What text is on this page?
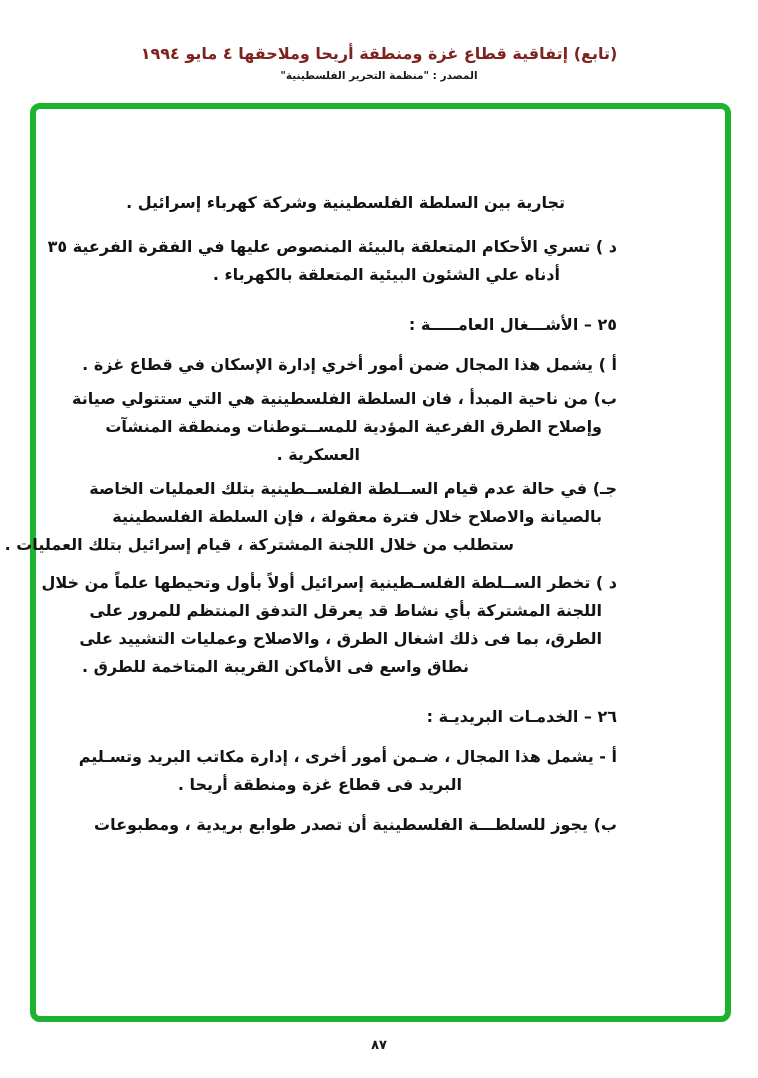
(تابع) إتفاقية قطاع غزة ومنطقة أريحا وملاحقها ٤ مايو ١٩٩٤
المصدر : "منظمة التحرير الفلسطينية"

تجارية بين السلطة الفلسطينية وشركة كهرباء إسرائيل .

د ) تسري الأحكام المتعلقة بالبيئة المنصوص عليها في الفقرة الفرعية ٣٥

أدناه علي الشئون البيئية المتعلقة بالكهرباء .

٢٥ – الأشـــغال العامـــــة :

أ ) يشمل هذا المجال ضمن أمور أخري إدارة الإسكان في قطاع غزة .

ب) من ناحية المبدأ ، فان السلطة الفلسطينية هي التي ستتولي صيانة

وإصلاح الطرق الفرعية المؤدية للمســتوطنات ومنطقة المنشآت

العسكرية .

جـ) في حالة عدم قيام الســلطة الفلســطينية بتلك العمليات الخاصة

بالصيانة والاصلاح خلال فترة معقولة ، فإن السلطة الفلسطينية

ستطلب من خلال اللجنة المشتركة ، قيام إسرائيل بتلك العمليات .

د ) تخطر الســلطة الفلسـطينية إسرائيل أولاً بأول وتحيطها علماً من خلال

اللجنة المشتركة بأي نشاط قد يعرقل التدفق المنتظم للمرور على

الطرق، بما فى ذلك اشغال الطرق ، والاصلاح وعمليات التشييد على

نطاق واسع فى الأماكن القريبة المتاخمة للطرق .

٢٦ – الخدمـات البريديـة :

أ - يشمل هذا المجال ، ضـمن أمور أخرى ، إدارة مكاتب البريد وتسـليم

البريد فى قطاع غزة ومنطقة أريحا .

ب) يجوز للسلطـــة الفلسطينية أن تصدر طوابع بريدية ، ومطبوعات

٨٧
